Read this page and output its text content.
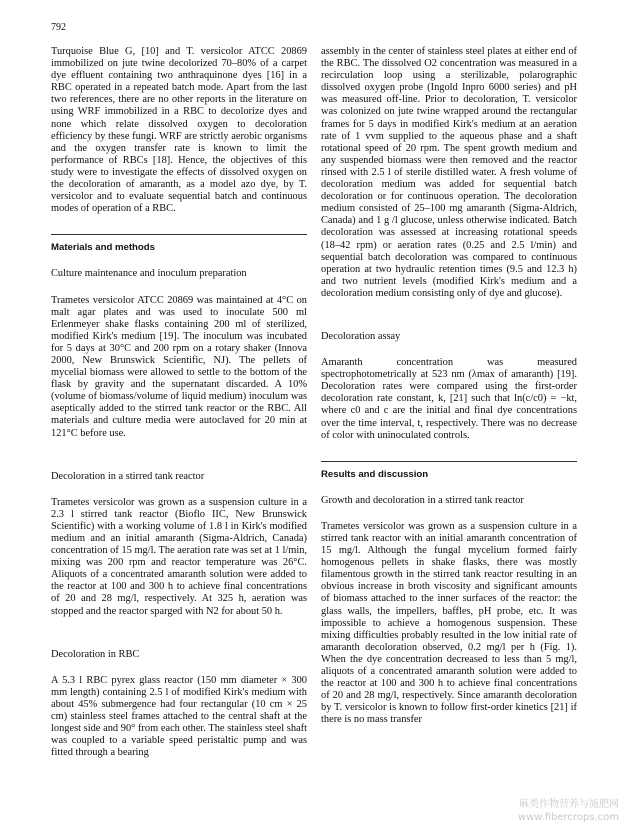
792

Turquoise Blue G, [10] and T. versicolor ATCC 20869 immobilized on jute twine decolorized 70–80% of a carpet dye effluent containing two anthraquinone dyes [16] in a RBC operated in a repeated batch mode. Apart from the last two references, there are no other reports in the literature on using WRF immobilized in a RBC to decolorize dyes and none which relate dissolved oxygen to decoloration efficiency by these fungi. WRF are strictly aerobic organisms and the oxygen transfer rate is known to limit the performance of RBCs [18]. Hence, the objectives of this study were to investigate the effects of dissolved oxygen on the decoloration of amaranth, as a model azo dye, by T. versicolor and to evaluate sequential batch and continuous modes of operation of a RBC.

Materials and methods
Culture maintenance and inoculum preparation

Trametes versicolor ATCC 20869 was maintained at 4°C on malt agar plates and was used to inoculate 500 ml Erlenmeyer shake flasks containing 200 ml of sterilized, modified Kirk's medium [19]. The inoculum was incubated for 5 days at 30°C and 200 rpm on a rotary shaker (Innova 2000, New Brunswick Scientific, NJ). The pellets of mycelial biomass were allowed to settle to the bottom of the flask by gravity and the supernatant discarded. A 10% (volume of biomass/volume of liquid medium) inoculum was aseptically added to the stirred tank reactor or the RBC. All materials and culture media were autoclaved for 20 min at 121°C before use.

Decoloration in a stirred tank reactor

Trametes versicolor was grown as a suspension culture in a 2.3 l stirred tank reactor (Bioflo IIC, New Brunswick Scientific) with a working volume of 1.8 l in Kirk's modified medium and an initial amaranth (Sigma-Aldrich, Canada) concentration of 15 mg/l. The aeration rate was set at 1 l/min, mixing was 200 rpm and reactor temperature was 26°C. Aliquots of a concentrated amaranth solution were added to the reactor at 100 and 300 h to achieve final concentrations of 20 and 28 mg/l, respectively. At 325 h, aeration was stopped and the reactor sparged with N2 for about 50 h.

Decoloration in RBC

A 5.3 l RBC pyrex glass reactor (150 mm diameter × 300 mm length) containing 2.5 l of modified Kirk's medium with about 45% submergence had four rectangular (10 cm × 25 cm) stainless steel frames attached to the central shaft at the longest side and 90° from each other. The stainless steel shaft was coupled to a variable speed peristaltic pump and was fitted through a bearing

assembly in the center of stainless steel plates at either end of the RBC. The dissolved O2 concentration was measured in a recirculation loop using a sterilizable, polarographic dissolved oxygen probe (Ingold Inpro 6000 series) and pH was measured off-line. Prior to decoloration, T. versicolor was colonized on jute twine wrapped around the rectangular frames for 5 days in modified Kirk's medium at an aeration rate of 1 vvm supplied to the aqueous phase and a shaft rotational speed of 20 rpm. The spent growth medium and any suspended biomass were then removed and the reactor rinsed with 2.5 l of sterile distilled water. A fresh volume of decoloration medium was added for sequential batch decoloration or for continuous operation. The decoloration medium consisted of 25–100 mg amaranth (Sigma-Aldrich, Canada) and 1 g /l glucose, unless otherwise indicated. Batch decoloration was assessed at increasing rotational speeds (18–42 rpm) or aeration rates (0.25 and 2.5 l/min) and sequential batch decoloration was compared to continuous operation at two hydraulic retention times (9.5 and 12.3 h) and two nutrient levels (modified Kirk's medium and a decoloration medium consisting only of dye and glucose).

Decoloration assay

Amaranth concentration was measured spectrophotometrically at 523 nm (λmax of amaranth) [19]. Decoloration rates were compared using the first-order decoloration rate constant, k, [21] such that ln(c/c0) = −kt, where c0 and c are the initial and final dye concentrations over the time interval, t, respectively. There was no decrease of color with uninoculated controls.

Results and discussion
Growth and decoloration in a stirred tank reactor

Trametes versicolor was grown as a suspension culture in a stirred tank reactor with an initial amaranth concentration of 15 mg/l. Although the fungal mycelium formed fairly homogenous pellets in shake flasks, there was mostly filamentous growth in the stirred tank reactor resulting in an obvious increase in broth viscosity and significant amounts of biomass attached to the inner surfaces of the reactor: the glass walls, the impellers, baffles, pH probe, etc. It was impossible to achieve a homogenous suspension. These mixing difficulties probably resulted in the low initial rate of amaranth decoloration observed, 0.2 mg/l per h (Fig. 1). When the dye concentration decreased to less than 5 mg/l, aliquots of a concentrated amaranth solution were added to the reactor at 100 and 300 h to achieve final concentrations of 20 and 28 mg/l, respectively. Since amaranth decoloration by T. versicolor is known to follow first-order kinetics [21] if there is no mass transfer

麻类作物营养与施肥网
www.fibercrops.com
